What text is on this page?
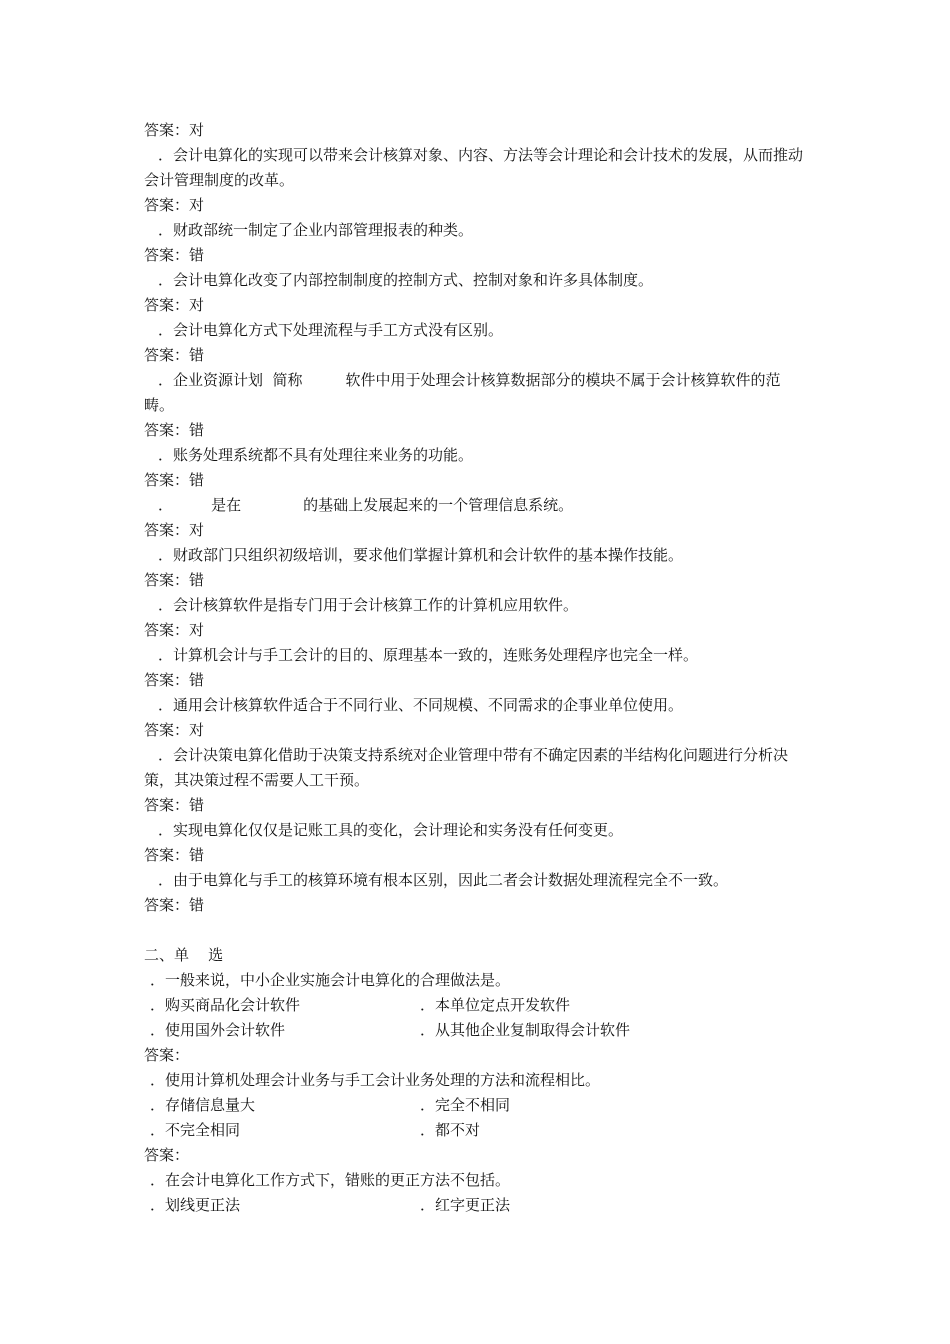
答案：对
．会计电算化的实现可以带来会计核算对象、内容、方法等会计理论和会计技术的发展，从而推动会计管理制度的改革。
答案：对
．财政部统一制定了企业内部管理报表的种类。
答案：错
．会计电算化改变了内部控制制度的控制方式、控制对象和许多具体制度。
答案：对
．会计电算化方式下处理流程与手工方式没有区别。
答案：错
．企业资源计划  简称         软件中用于处理会计核算数据部分的模块不属于会计核算软件的范畴。
答案：错
．账务处理系统都不具有处理往来业务的功能。
答案：错
．        是在             的基础上发展起来的一个管理信息系统。
答案：对
．财政部门只组织初级培训，要求他们掌握计算机和会计软件的基本操作技能。
答案：错
．会计核算软件是指专门用于会计核算工作的计算机应用软件。
答案：对
．计算机会计与手工会计的目的、原理基本一致的，连账务处理程序也完全一样。
答案：错
．通用会计核算软件适合于不同行业、不同规模、不同需求的企事业单位使用。
答案：对
．会计决策电算化借助于决策支持系统对企业管理中带有不确定因素的半结构化问题进行分析决策，其决策过程不需要人工干预。
答案：错
．实现电算化仅仅是记账工具的变化，会计理论和实务没有任何变更。
答案：错
．由于电算化与手工的核算环境有根本区别，因此二者会计数据处理流程完全不一致。
答案：错
二、单    选
．一般来说，中小企业实施会计电算化的合理做法是。
．购买商品化会计软件	．本单位定点开发软件
．使用国外会计软件	．从其他企业复制取得会计软件
答案：
．使用计算机处理会计业务与手工会计业务处理的方法和流程相比。
．存储信息量大	．完全不相同
．不完全相同	．都不对
答案：
．在会计电算化工作方式下，错账的更正方法不包括。
．划线更正法	．红字更正法
